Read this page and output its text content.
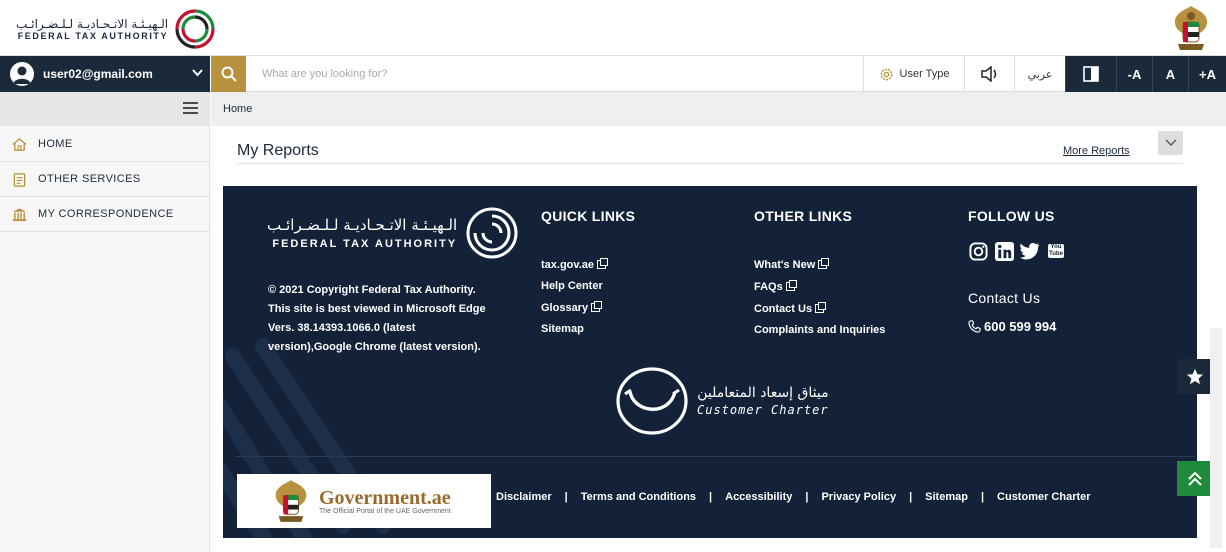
الـهيـئـة الاتـحـاديـة لـلـضـرائـب
FEDERAL TAX AUTHORITY
user02@gmail.com
What are you looking for?	User Type	عربي	-A	A	+A
HOME
OTHER SERVICES
MY CORRESPONDENCE
Home
My Reports	More Reports
الـهيـئـة الاتـحـاديـة لـلـضـرائـب
FEDERAL TAX AUTHORITY
© 2021 Copyright Federal Tax Authority. This site is best viewed in Microsoft Edge Vers. 38.14393.1066.0 (latest version),Google Chrome (latest version).
QUICK LINKS
tax.gov.ae
Help Center
Glossary
Sitemap
OTHER LINKS
What's New
FAQs
Contact Us
Complaints and Inquiries
FOLLOW US
You Tube
Contact Us
600 599 994
ميثاق إسعاد المتعاملين
Customer Charter
Government.ae
The Official Portal of the UAE Government
Disclaimer | Terms and Conditions | Accessibility | Privacy Policy | Sitemap | Customer Charter
